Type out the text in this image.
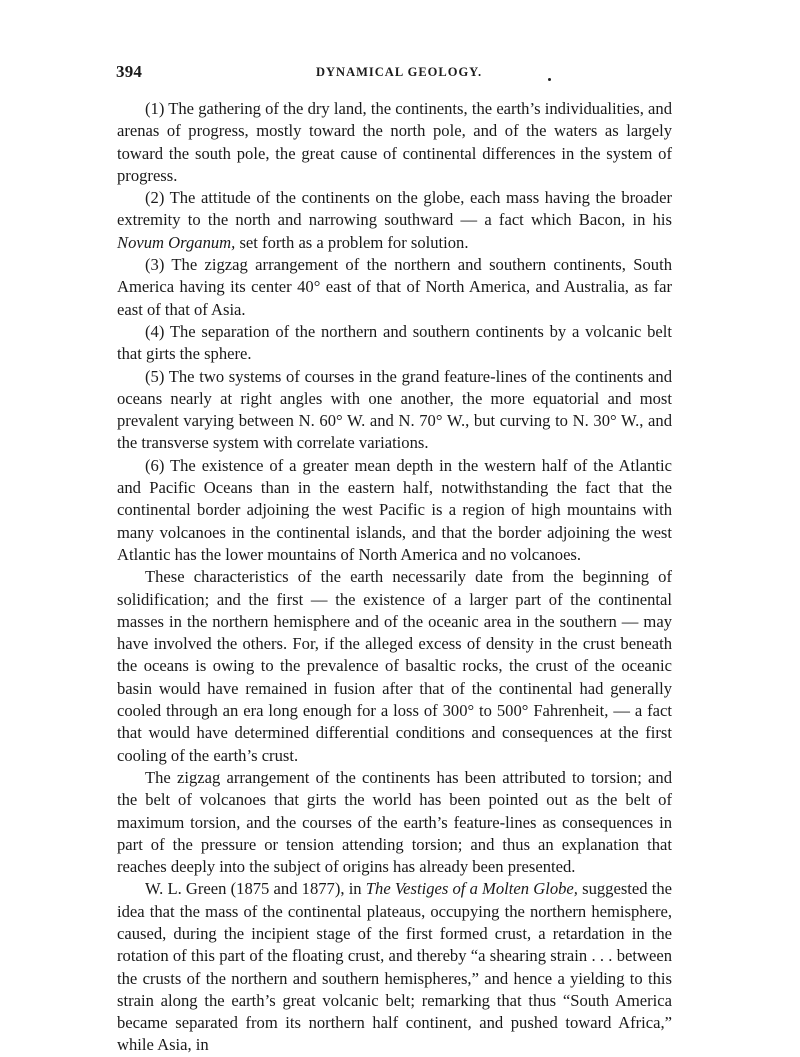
394	DYNAMICAL GEOLOGY.

(1) The gathering of the dry land, the continents, the earth’s individualities, and arenas of progress, mostly toward the north pole, and of the waters as largely toward the south pole, the great cause of continental differences in the system of progress.

(2) The attitude of the continents on the globe, each mass having the broader extremity to the north and narrowing southward — a fact which Bacon, in his Novum Organum, set forth as a problem for solution.

(3) The zigzag arrangement of the northern and southern continents, South America having its center 40° east of that of North America, and Australia, as far east of that of Asia.

(4) The separation of the northern and southern continents by a volcanic belt that girts the sphere.

(5) The two systems of courses in the grand feature-lines of the continents and oceans nearly at right angles with one another, the more equatorial and most prevalent varying between N. 60° W. and N. 70° W., but curving to N. 30° W., and the transverse system with correlate variations.

(6) The existence of a greater mean depth in the western half of the Atlantic and Pacific Oceans than in the eastern half, notwithstanding the fact that the continental border adjoining the west Pacific is a region of high mountains with many volcanoes in the continental islands, and that the border adjoining the west Atlantic has the lower mountains of North America and no volcanoes.

These characteristics of the earth necessarily date from the beginning of solidification; and the first — the existence of a larger part of the continental masses in the northern hemisphere and of the oceanic area in the southern — may have involved the others. For, if the alleged excess of density in the crust beneath the oceans is owing to the prevalence of basaltic rocks, the crust of the oceanic basin would have remained in fusion after that of the continental had generally cooled through an era long enough for a loss of 300° to 500° Fahrenheit, — a fact that would have determined differential conditions and consequences at the first cooling of the earth’s crust.

The zigzag arrangement of the continents has been attributed to torsion; and the belt of volcanoes that girts the world has been pointed out as the belt of maximum torsion, and the courses of the earth’s feature-lines as consequences in part of the pressure or tension attending torsion; and thus an explanation that reaches deeply into the subject of origins has already been presented.

W. L. Green (1875 and 1877), in The Vestiges of a Molten Globe, suggested the idea that the mass of the continental plateaus, occupying the northern hemisphere, caused, during the incipient stage of the first formed crust, a retardation in the rotation of this part of the floating crust, and thereby “a shearing strain . . . between the crusts of the northern and southern hemispheres,” and hence a yielding to this strain along the earth’s great volcanic belt; remarking that thus “South America became separated from its northern half continent, and pushed toward Africa,” while Asia, in
